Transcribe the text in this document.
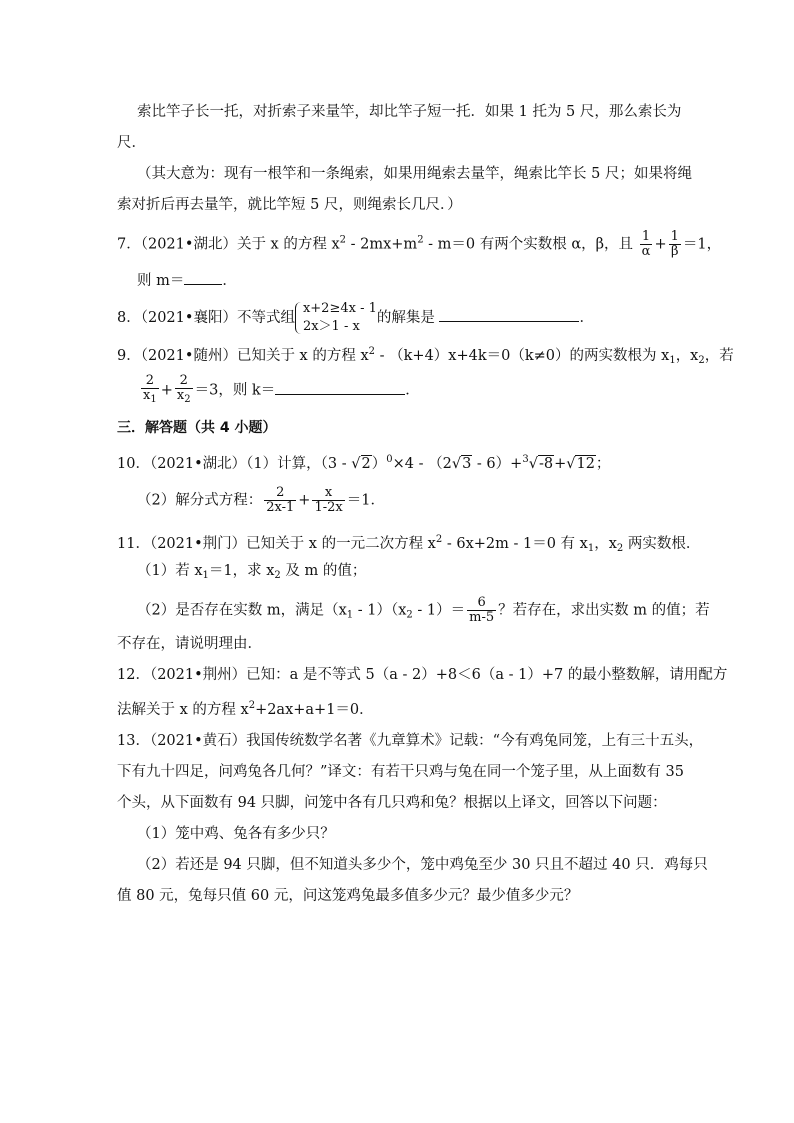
索比竿子长一托，对折索子来量竿，却比竿子短一托．如果 1 托为 5 尺，那么索长为
尺．
（其大意为：现有一根竿和一条绳索，如果用绳索去量竿，绳索比竿长 5 尺；如果将绳
索对折后再去量竿，就比竿短 5 尺，则绳索长几尺．）
7．（2021•湖北）关于 x 的方程 $x^2 - 2mx+m^2 - m=0$ 有两个实数根 α，β，且 $\frac{1}{\alpha} + \frac{1}{\beta} =1$，
则 m＝	．
8．（2021•襄阳）不等式组
x+2≥4x - 1
2x＞1 - x
的解集是	．
9．（2021•随州）已知关于 x 的方程 $x^2 - (k+4)x+4k=0(k\ne 0)$的两实数根为 $x_1$，$x_2$，若
$\frac{2}{x_1} + \frac{2}{x_2} =3$，则 k＝	．
三．解答题（共 4 小题）
10．（2021•湖北）（1）计算，（3 - √2）$^0$×4 - （2√3 - 6）+$^3$√-8+√12；
（2）解分式方程： $\frac{2}{2x-1} + \frac{x}{1-2x} =1$．
11．（2021•荆门）已知关于 x 的一元二次方程 $x^2 - 6x+2m - 1=0$ 有 $x_1$，$x_2$ 两实数根．
（1）若 $x_1=1$，求 $x_2$ 及 m 的值；
（2）是否存在实数 m，满足$(x_1 - 1)(x_2 - 1)= \frac{6}{m-5}$ ？若存在，求出实数 m 的值；若
不存在，请说明理由．
12．（2021•荆州）已知：a 是不等式 5（a - 2）+8＜6（a - 1）+7 的最小整数解，请用配方
法解关于 x 的方程 $x^2+2ax+a+1=0$．
13．（2021•黄石）我国传统数学名著《九章算术》记载：“今有鸡兔同笼，上有三十五头，
下有九十四足，问鸡兔各几何？”译文：有若干只鸡与兔在同一个笼子里，从上面数有 35
个头，从下面数有 94 只脚，问笼中各有几只鸡和兔？根据以上译文，回答以下问题：
（1）笼中鸡、兔各有多少只？
（2）若还是 94 只脚，但不知道头多少个，笼中鸡兔至少 30 只且不超过 40 只．鸡每只
值 80 元，兔每只值 60 元，问这笼鸡兔最多值多少元？最少值多少元？
